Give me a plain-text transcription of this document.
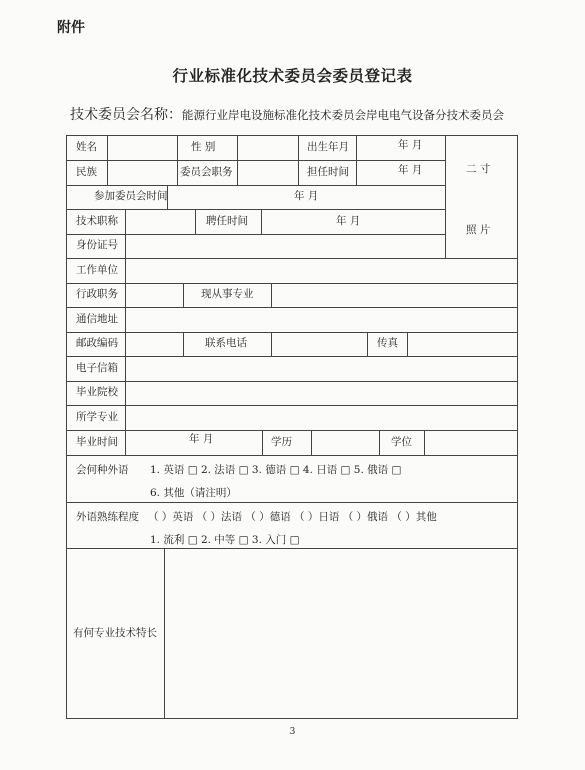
附件
行业标准化技术委员会委员登记表
技术委员会名称：能源行业岸电设施标准化技术委员会岸电电气设备分技术委员会
姓名	性 别	出生年月	年 月
民族	委员会职务	担任时间	年 月	二 寸
照 片
参加委员会时间	年 月
技术职称	聘任时间	年 月
身份证号
工作单位
行政职务	现从事专业
通信地址
邮政编码	联系电话	传真
电子信箱
毕业院校
所学专业
毕业时间	年 月	学历	学位
会何种外语 1. 英语 □ 2. 法语 □ 3. 德语 □ 4. 日语 □ 5. 俄语 □
6. 其他（请注明）
外语熟练程度 （ ）英语 （ ）法语 （ ）德语 （ ）日语 （ ）俄语 （ ）其他
1. 流利 □ 2. 中等 □ 3. 入门 □
有何专业技术特长
3
